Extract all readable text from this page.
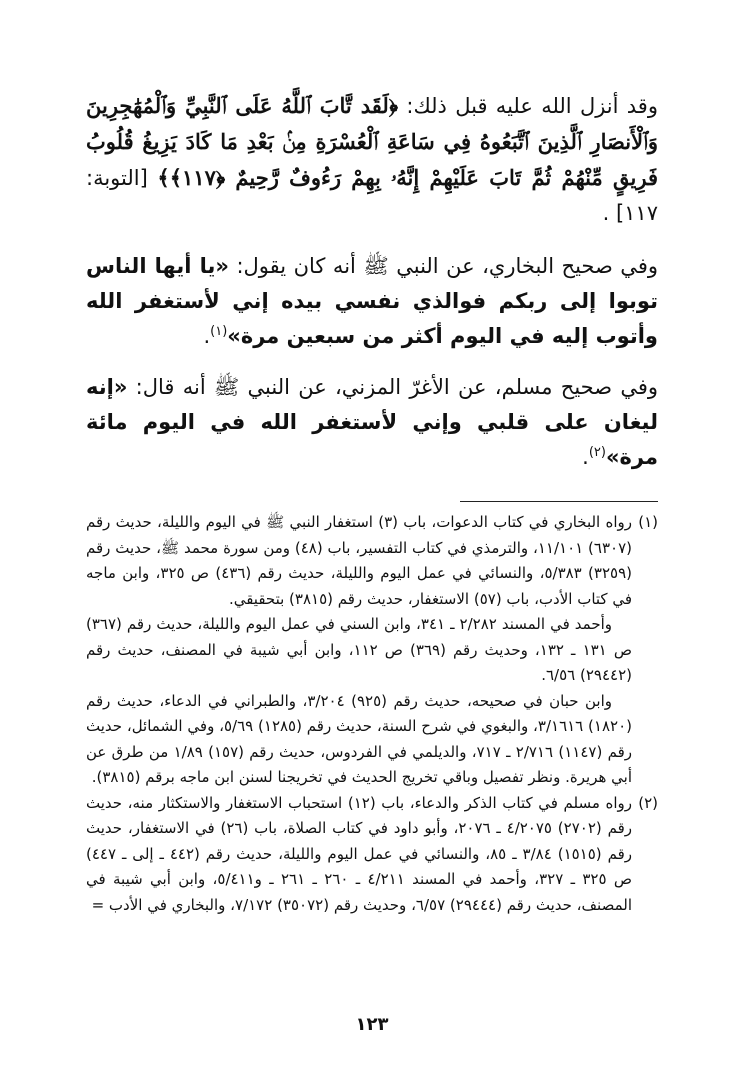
وقد أنزل الله عليه قبل ذلك: ﴿لَقَد تَّابَ ٱللَّهُ عَلَى ٱلنَّبِيِّ وَٱلْمُهَٰجِرِينَ وَٱلْأَنصَارِ ٱلَّذِينَ ٱتَّبَعُوهُ فِي سَاعَةِ ٱلْعُسْرَةِ مِنۢ بَعْدِ مَا كَادَ يَزِيغُ قُلُوبُ فَرِيقٍ مِّنْهُمْ ثُمَّ تَابَ عَلَيْهِمْ إِنَّهُۥ بِهِمْ رَءُوفٌ رَّحِيمٌ ﴿١١٧﴾﴾ [التوبة: ١١٧] .

وفي صحيح البخاري، عن النبي ﷺ أنه كان يقول: «يا أيها الناس توبوا إلى ربكم فوالذي نفسي بيده إني لأستغفر الله وأتوب إليه في اليوم أكثر من سبعين مرة»$^{(١)}$.

وفي صحيح مسلم، عن الأغرّ المزني، عن النبي ﷺ أنه قال: «إنه ليغان على قلبي وإني لأستغفر الله في اليوم مائة مرة»$^{(٢)}$.

(١)
رواه البخاري في كتاب الدعوات، باب (٣) استغفار النبي ﷺ في اليوم والليلة، حديث رقم (٦٣٠٧) ١١/١٠١، والترمذي في كتاب التفسير، باب (٤٨) ومن سورة محمد ﷺ، حديث رقم (٣٢٥٩) ٥/٣٨٣، والنسائي في عمل اليوم والليلة، حديث رقم (٤٣٦) ص ٣٢٥، وابن ماجه في كتاب الأدب، باب (٥٧) الاستغفار، حديث رقم (٣٨١٥) بتحقيقي.

وأحمد في المسند ٢/٢٨٢ ـ ٣٤١، وابن السني في عمل اليوم والليلة، حديث رقم (٣٦٧) ص ١٣١ ـ ١٣٢، وحديث رقم (٣٦٩) ص ١١٢، وابن أبي شيبة في المصنف، حديث رقم (٢٩٤٤٢) ٦/٥٦.

وابن حبان في صحيحه، حديث رقم (٩٢٥) ٣/٢٠٤، والطبراني في الدعاء، حديث رقم (١٨٢٠) ٣/١٦١٦، والبغوي في شرح السنة، حديث رقم (١٢٨٥) ٥/٦٩، وفي الشمائل، حديث رقم (١١٤٧) ٢/٧١٦ ـ ٧١٧، والديلمي في الفردوس، حديث رقم (١٥٧) ١/٨٩ من طرق عن أبي هريرة. ونظر تفصيل وباقي تخريج الحديث في تخريجنا لسنن ابن ماجه برقم (٣٨١٥).

(٢)
رواه مسلم في كتاب الذكر والدعاء، باب (١٢) استحباب الاستغفار والاستكثار منه، حديث رقم (٢٧٠٢) ٤/٢٠٧٥ ـ ٢٠٧٦، وأبو داود في كتاب الصلاة، باب (٢٦) في الاستغفار، حديث رقم (١٥١٥) ٣/٨٤ ـ ٨٥، والنسائي في عمل اليوم والليلة، حديث رقم (٤٤٢ ـ إلى ـ ٤٤٧) ص ٣٢٥ ـ ٣٢٧، وأحمد في المسند ٤/٢١١ ـ ٢٦٠ ـ ٢٦١ ـ و٥/٤١١، وابن أبي شيبة في المصنف، حديث رقم (٢٩٤٤٤) ٦/٥٧، وحديث رقم (٣٥٠٧٢) ٧/١٧٢، والبخاري في الأدب =

١٢٣
